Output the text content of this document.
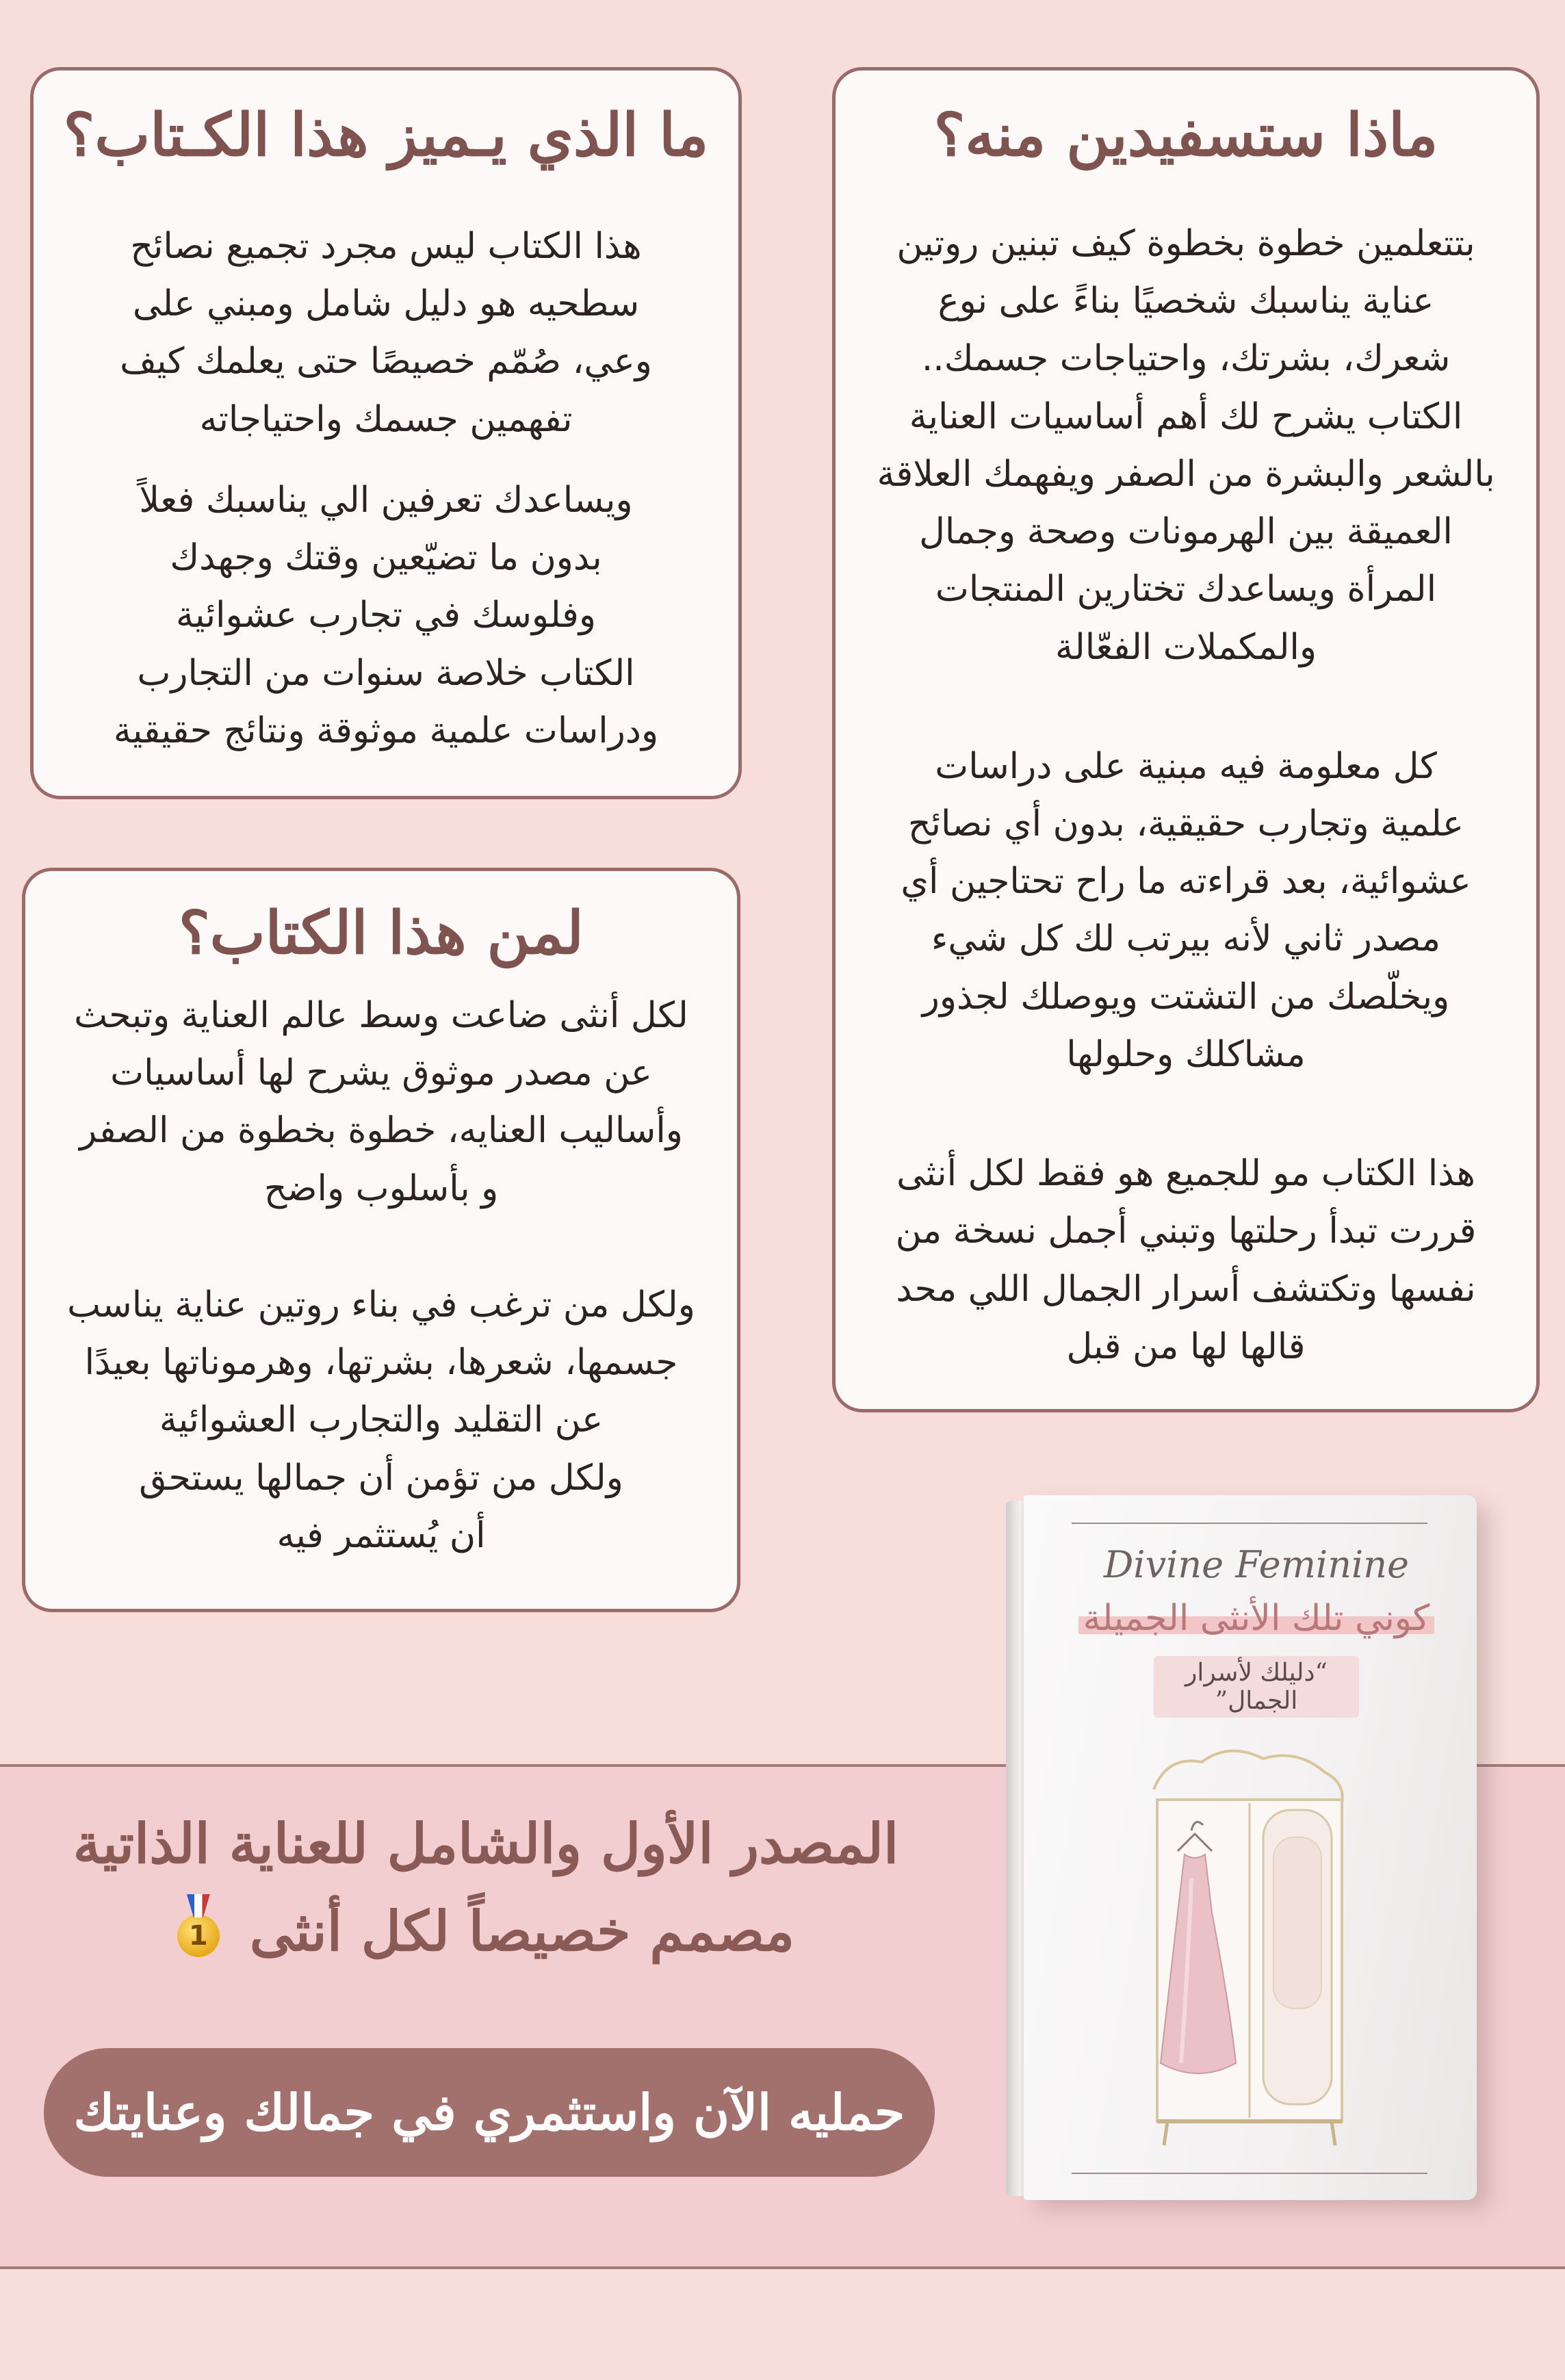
ما الذي يـميز هذا الكـتاب؟

هذا الكتاب ليس مجرد تجميع نصائح
سطحيه هو دليل شامل ومبني على
وعي، صُمّم خصيصًا حتى يعلمك كيف
تفهمين جسمك واحتياجاته

ويساعدك تعرفين الي يناسبك فعلاً
بدون ما تضيّعين وقتك وجهدك
وفلوسك في تجارب عشوائية
الكتاب خلاصة سنوات من التجارب
ودراسات علمية موثوقة ونتائج حقيقية

ماذا ستسفيدين منه؟

بتتعلمين خطوة بخطوة كيف تبنين روتين
عناية يناسبك شخصيًا بناءً على نوع
شعرك، بشرتك، واحتياجات جسمك..
الكتاب يشرح لك أهم أساسيات العناية
بالشعر والبشرة من الصفر ويفهمك العلاقة
العميقة بين الهرمونات وصحة وجمال
المرأة ويساعدك تختارين المنتجات
والمكملات الفعّالة

كل معلومة فيه مبنية على دراسات
علمية وتجارب حقيقية، بدون أي نصائح
عشوائية، بعد قراءته ما راح تحتاجين أي
مصدر ثاني لأنه بيرتب لك كل شيء
ويخلّصك من التشتت ويوصلك لجذور
مشاكلك وحلولها

هذا الكتاب مو للجميع هو فقط لكل أنثى
قررت تبدأ رحلتها وتبني أجمل نسخة من
نفسها وتكتشف أسرار الجمال اللي محد
قالها لها من قبل

لمن هذا الكتاب؟

لكل أنثى ضاعت وسط عالم العناية وتبحث
عن مصدر موثوق يشرح لها أساسيات
وأساليب العنايه، خطوة بخطوة من الصفر
و بأسلوب واضح

ولكل من ترغب في بناء روتين عناية يناسب
جسمها، شعرها، بشرتها، وهرموناتها بعيدًا
عن التقليد والتجارب العشوائية
ولكل من تؤمن أن جمالها يستحق
أن يُستثمر فيه

المصدر الأول والشامل للعناية الذاتية
مصمم خصيصاً لكل أنثى 1
حمليه الآن واستثمري في جمالك وعنايتك
Divine Feminine
كوني تلك الأنثى الجميلة
“دليلك لأسرار الجمال”
